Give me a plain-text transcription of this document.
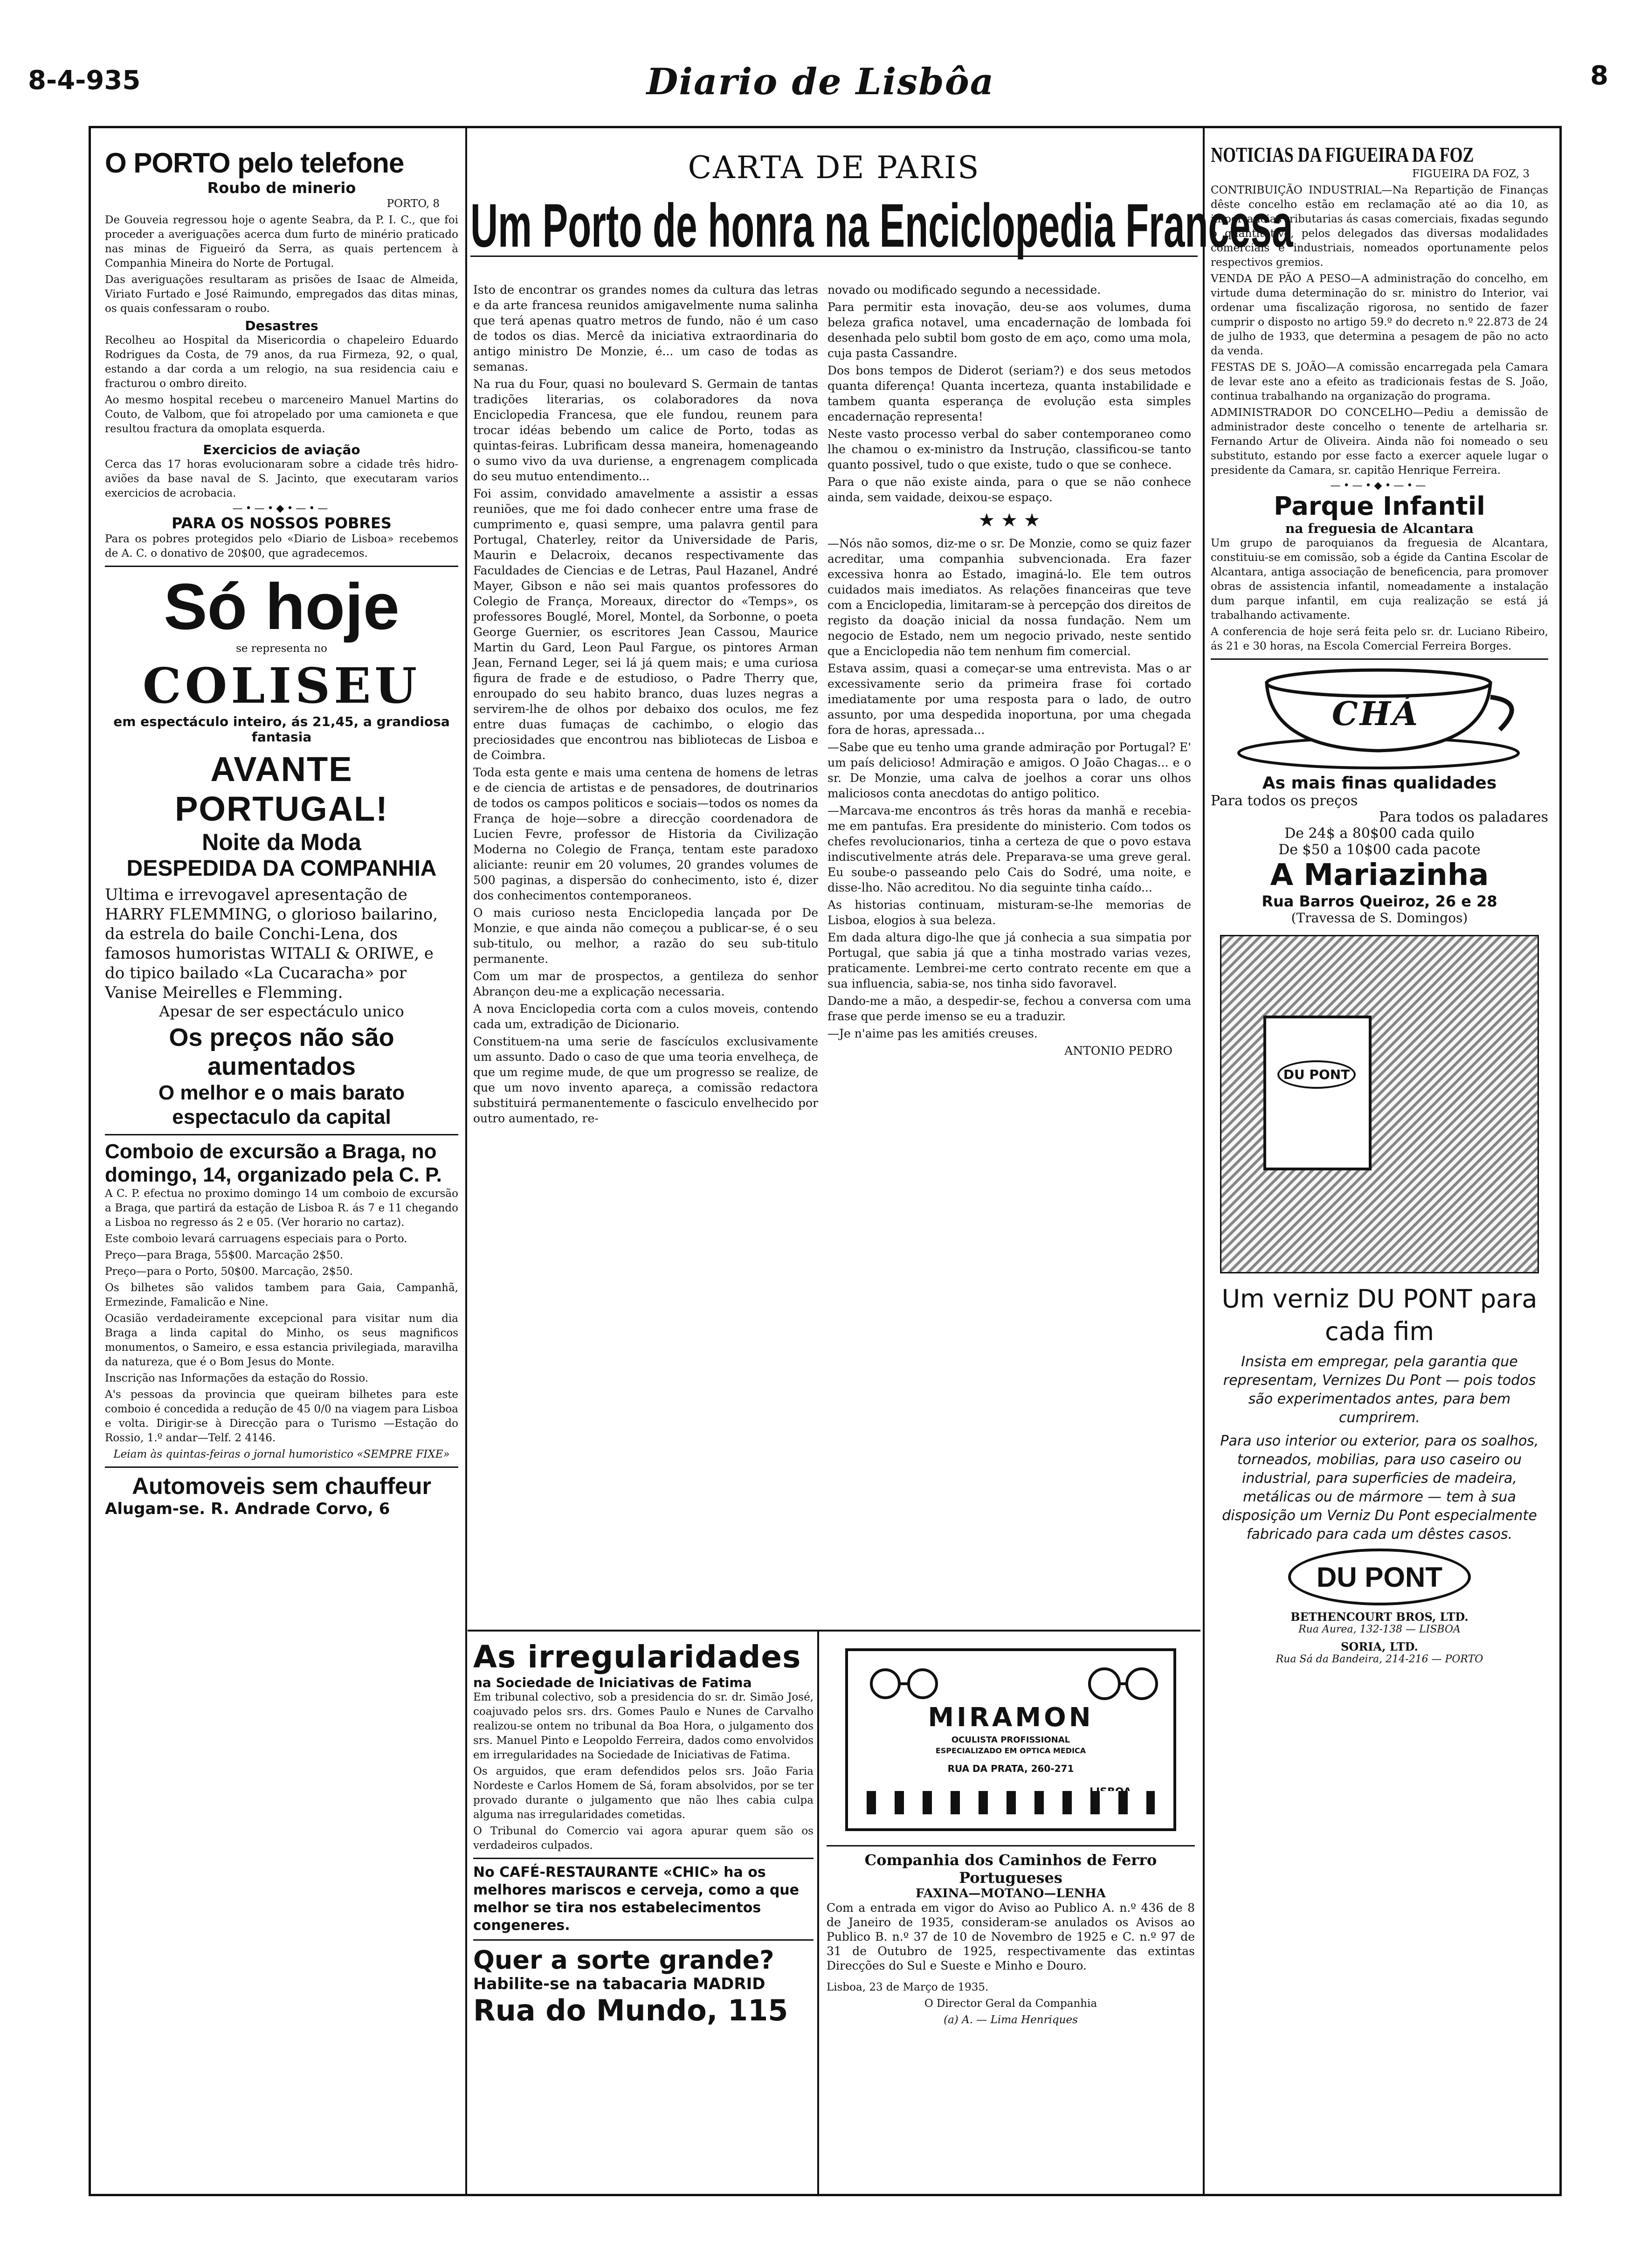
8-4-935	Diario de Lisbôa	8
O PORTO pelo telefone
Roubo de minerio
PORTO, 8

De Gouveia regressou hoje o agente Seabra, da P. I. C., que foi proceder a averiguações acerca dum furto de minério praticado nas minas de Figueiró da Serra, as quais pertencem à Companhia Mineira do Norte de Portugal.

Das averiguações resultaram as prisões de Isaac de Almeida, Viriato Furtado e José Raimundo, empregados das ditas minas, os quais confessaram o roubo.

Desastres

Recolheu ao Hospital da Misericordia o chapeleiro Eduardo Rodrigues da Costa, de 79 anos, da rua Firmeza, 92, o qual, estando a dar corda a um relogio, na sua residencia caiu e fracturou o ombro direito.

Ao mesmo hospital recebeu o marceneiro Manuel Martins do Couto, de Valbom, que foi atropelado por uma camioneta e que resultou fractura da omoplata esquerda.

Exercicios de aviação

Cerca das 17 horas evolucionaram sobre a cidade três hidro-aviões da base naval de S. Jacinto, que executaram varios exercicios de acrobacia.

—•—•◆•—•—
PARA OS NOSSOS POBRES

Para os pobres protegidos pelo «Diario de Lisboa» recebemos de A. C. o donativo de 20$00, que agradecemos.

Só hoje
se representa no
COLISEU
em espectáculo inteiro, ás 21,45, a grandiosa fantasia
AVANTE PORTUGAL!
Noite da Moda
DESPEDIDA DA COMPANHIA

Ultima e irrevogavel apresentação de HARRY FLEMMING, o glorioso bailarino, da estrela do baile Conchi-Lena, dos famosos humoristas WITALI & ORIWE, e do tipico bailado «La Cucaracha» por Vanise Meirelles e Flemming.

Apesar de ser espectáculo unico
Os preços não são aumentados
O melhor e o mais barato espectaculo da capital
Comboio de excursão a Braga, no domingo, 14, organizado pela C. P.

A C. P. efectua no proximo domingo 14 um comboio de excursão a Braga, que partirá da estação de Lisboa R. ás 7 e 11 chegando a Lisboa no regresso ás 2 e 05. (Ver horario no cartaz).

Este comboio levará carruagens especiais para o Porto.

Preço—para Braga, 55$00. Marcação 2$50.

Preço—para o Porto, 50$00. Marcação, 2$50.

Os bilhetes são validos tambem para Gaia, Campanhã, Ermezinde, Famalicão e Nine.

Ocasião verdadeiramente excepcional para visitar num dia Braga a linda capital do Minho, os seus magnificos monumentos, o Sameiro, e essa estancia privilegiada, maravilha da natureza, que é o Bom Jesus do Monte.

Inscrição nas Informações da estação do Rossio.

A's pessoas da provincia que queiram bilhetes para este comboio é concedida a redução de 45 0/0 na viagem para Lisboa e volta. Dirigir-se à Direcção para o Turismo —Estação do Rossio, 1.º andar—Telf. 2 4146.

Leiam às quintas-feiras o jornal humoristico «SEMPRE FIXE»
Automoveis sem chauffeur
Alugam-se. R. Andrade Corvo, 6
CARTA DE PARIS
Um Porto de honra na Enciclopedia Francesa

Isto de encontrar os grandes nomes da cultura das letras e da arte francesa reunidos amigavelmente numa salinha que terá apenas quatro metros de fundo, não é um caso de todos os dias. Mercê da iniciativa extraordinaria do antigo ministro De Monzie, é... um caso de todas as semanas.

Na rua du Four, quasi no boulevard S. Germain de tantas tradições literarias, os colaboradores da nova Enciclopedia Francesa, que ele fundou, reunem para trocar idéas bebendo um calice de Porto, todas as quintas-feiras. Lubrificam dessa maneira, homenageando o sumo vivo da uva duriense, a engrenagem complicada do seu mutuo entendimento...

Foi assim, convidado amavelmente a assistir a essas reuniões, que me foi dado conhecer entre uma frase de cumprimento e, quasi sempre, uma palavra gentil para Portugal, Chaterley, reitor da Universidade de Paris, Maurin e Delacroix, decanos respectivamente das Faculdades de Ciencias e de Letras, Paul Hazanel, André Mayer, Gibson e não sei mais quantos professores do Colegio de França, Moreaux, director do «Temps», os professores Bouglé, Morel, Montel, da Sorbonne, o poeta George Guernier, os escritores Jean Cassou, Maurice Martin du Gard, Leon Paul Fargue, os pintores Arman Jean, Fernand Leger, sei lá já quem mais; e uma curiosa figura de frade e de estudioso, o Padre Therry que, enroupado do seu habito branco, duas luzes negras a servirem-lhe de olhos por debaixo dos oculos, me fez entre duas fumaças de cachimbo, o elogio das preciosidades que encontrou nas bibliotecas de Lisboa e de Coimbra.

Toda esta gente e mais uma centena de homens de letras e de ciencia de artistas e de pensadores, de doutrinarios de todos os campos politicos e sociais—todos os nomes da França de hoje—sobre a direcção coordenadora de Lucien Fevre, professor de Historia da Civilização Moderna no Colegio de França, tentam este paradoxo aliciante: reunir em 20 volumes, 20 grandes volumes de 500 paginas, a dispersão do conhecimento, isto é, dizer dos conhecimentos contemporaneos.

O mais curioso nesta Enciclopedia lançada por De Monzie, e que ainda não começou a publicar-se, é o seu sub-titulo, ou melhor, a razão do seu sub-titulo permanente.

Com um mar de prospectos, a gentileza do senhor Abrançon deu-me a explicação necessaria.

A nova Enciclopedia corta com a culos moveis, contendo cada um, extradição de Dicionario.

Constituem-na uma serie de fascículos exclusivamente um assunto. Dado o caso de que uma teoria envelheça, de que um regime mude, de que um progresso se realize, de que um novo invento apareça, a comissão redactora substituirá permanentemente o fasciculo envelhecido por outro aumentado, re-

novado ou modificado segundo a necessidade.

Para permitir esta inovação, deu-se aos volumes, duma beleza grafica notavel, uma encadernação de lombada foi desenhada pelo subtil bom gosto de em aço, como uma mola, cuja pasta Cassandre.

Dos bons tempos de Diderot (seriam?) e dos seus metodos quanta diferença! Quanta incerteza, quanta instabilidade e tambem quanta esperança de evolução esta simples encadernação representa!

Neste vasto processo verbal do saber contemporaneo como lhe chamou o ex-ministro da Instrução, classificou-se tanto quanto possivel, tudo o que existe, tudo o que se conhece.

Para o que não existe ainda, para o que se não conhece ainda, sem vaidade, deixou-se espaço.

★ ★ ★

—Nós não somos, diz-me o sr. De Monzie, como se quiz fazer acreditar, uma companhia subvencionada. Era fazer excessiva honra ao Estado, imaginá-lo. Ele tem outros cuidados mais imediatos. As relações financeiras que teve com a Enciclopedia, limitaram-se à percepção dos direitos de registo da doação inicial da nossa fundação. Nem um negocio de Estado, nem um negocio privado, neste sentido que a Enciclopedia não tem nenhum fim comercial.

Estava assim, quasi a começar-se uma entrevista. Mas o ar excessivamente serio da primeira frase foi cortado imediatamente por uma resposta para o lado, de outro assunto, por uma despedida inoportuna, por uma chegada fora de horas, apressada...

—Sabe que eu tenho uma grande admiração por Portugal? E' um país delicioso! Admiração e amigos. O João Chagas... e o sr. De Monzie, uma calva de joelhos a corar uns olhos maliciosos conta anecdotas do antigo politico.

—Marcava-me encontros ás três horas da manhã e recebia-me em pantufas. Era presidente do ministerio. Com todos os chefes revolucionarios, tinha a certeza de que o povo estava indiscutivelmente atrás dele. Preparava-se uma greve geral. Eu soube-o passeando pelo Cais do Sodré, uma noite, e disse-lho. Não acreditou. No dia seguinte tinha caído...

As historias continuam, misturam-se-lhe memorias de Lisboa, elogios à sua beleza.

Em dada altura digo-lhe que já conhecia a sua simpatia por Portugal, que sabia já que a tinha mostrado varias vezes, praticamente. Lembrei-me certo contrato recente em que a sua influencia, sabia-se, nos tinha sido favoravel.

Dando-me a mão, a despedir-se, fechou a conversa com uma frase que perde imenso se eu a traduzir.

—Je n'aime pas les amitiés creuses.

ANTONIO PEDRO
As irregularidades
na Sociedade de Iniciativas de Fatima

Em tribunal colectivo, sob a presidencia do sr. dr. Simão José, coajuvado pelos srs. drs. Gomes Paulo e Nunes de Carvalho realizou-se ontem no tribunal da Boa Hora, o julgamento dos srs. Manuel Pinto e Leopoldo Ferreira, dados como envolvidos em irregularidades na Sociedade de Iniciativas de Fatima.

Os arguidos, que eram defendidos pelos srs. João Faria Nordeste e Carlos Homem de Sá, foram absolvidos, por se ter provado durante o julgamento que não lhes cabia culpa alguma nas irregularidades cometidas.

O Tribunal do Comercio vai agora apurar quem são os verdadeiros culpados.

No CAFÉ-RESTAURANTE «CHIC» ha os melhores mariscos e cerveja, como a que melhor se tira nos estabelecimentos congeneres.

Quer a sorte grande?
Habilite-se na tabacaria MADRID
Rua do Mundo, 115
MIRAMON
OCULISTA PROFISSIONAL
ESPECIALIZADO EM OPTICA MEDICA
RUA DA PRATA, 260-271
Companhia dos Caminhos de Ferro Portugueses
FAXINA—MOTANO—LENHA

Com a entrada em vigor do Aviso ao Publico A. n.º 436 de 8 de Janeiro de 1935, consideram-se anulados os Avisos ao Publico B. n.º 37 de 10 de Novembro de 1925 e C. n.º 97 de 31 de Outubro de 1925, respectivamente das extintas Direcções do Sul e Sueste e Minho e Douro.

Lisboa, 23 de Março de 1935.
O Director Geral da Companhia
(a) A. — Lima Henriques
NOTICIAS DA FIGUEIRA DA FOZ
FIGUEIRA DA FOZ, 3

CONTRIBUIÇÃO INDUSTRIAL—Na Repartição de Finanças dêste concelho estão em reclamação até ao dia 10, as importancias tributarias ás casas comerciais, fixadas segundo o quantitativo, pelos delegados das diversas modalidades comerciais e industriais, nomeados oportunamente pelos respectivos gremios.

VENDA DE PÃO A PESO—A administração do concelho, em virtude duma determinação do sr. ministro do Interior, vai ordenar uma fiscalização rigorosa, no sentido de fazer cumprir o disposto no artigo 59.º do decreto n.º 22.873 de 24 de julho de 1933, que determina a pesagem de pão no acto da venda.

FESTAS DE S. JOÃO—A comissão encarregada pela Camara de levar este ano a efeito as tradicionais festas de S. João, continua trabalhando na organização do programa.

ADMINISTRADOR DO CONCELHO—Pediu a demissão de administrador deste concelho o tenente de artelharia sr. Fernando Artur de Oliveira. Ainda não foi nomeado o seu substituto, estando por esse facto a exercer aquele lugar o presidente da Camara, sr. capitão Henrique Ferreira.

—•—•◆•—•—
Parque Infantil
na freguesia de Alcantara

Um grupo de paroquianos da freguesia de Alcantara, constituiu-se em comissão, sob a égide da Cantina Escolar de Alcantara, antiga associação de beneficencia, para promover obras de assistencia infantil, nomeadamente a instalação dum parque infantil, em cuja realização se está já trabalhando activamente.

A conferencia de hoje será feita pelo sr. dr. Luciano Ribeiro, ás 21 e 30 horas, na Escola Comercial Ferreira Borges.

CHÁ
As mais finas qualidades
Para todos os preços
Para todos os paladares
De 24$ a 80$00 cada quilo
De $50 a 10$00 cada pacote
A Mariazinha
Rua Barros Queiroz, 26 e 28
(Travessa de S. Domingos)
DU PONT
Um verniz DU PONT para cada fim

Insista em empregar, pela garantia que representam, Vernizes Du Pont — pois todos são experimentados antes, para bem cumprirem.

Para uso interior ou exterior, para os soalhos, torneados, mobilias, para uso caseiro ou industrial, para superficies de madeira, metálicas ou de mármore — tem à sua disposição um Verniz Du Pont especialmente fabricado para cada um dêstes casos.

DU PONT
BETHENCOURT BROS, LTD.
Rua Aurea, 132-138 — LISBOA
SORIA, LTD.
Rua Sá da Bandeira, 214-216 — PORTO
